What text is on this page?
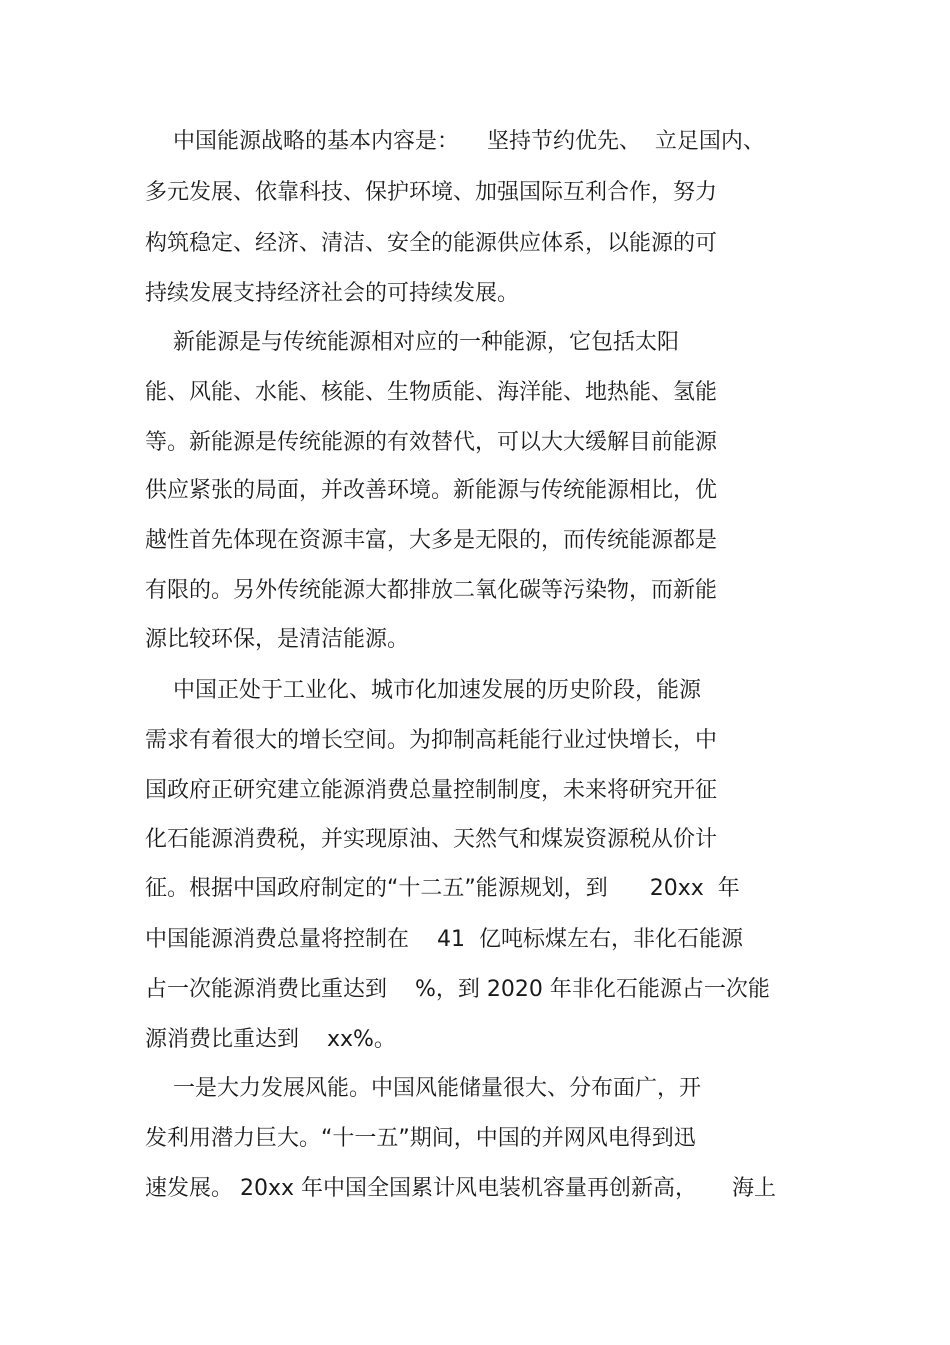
中国能源战略的基本内容是：    坚持节约优先、  立足国内、

多元发展、依靠科技、保护环境、加强国际互利合作，努力

构筑稳定、经济、清洁、安全的能源供应体系，以能源的可

持续发展支持经济社会的可持续发展。

新能源是与传统能源相对应的一种能源，它包括太阳

能、风能、水能、核能、生物质能、海洋能、地热能、氢能

等。新能源是传统能源的有效替代，可以大大缓解目前能源

供应紧张的局面，并改善环境。新能源与传统能源相比，优

越性首先体现在资源丰富，大多是无限的，而传统能源都是

有限的。另外传统能源大都排放二氧化碳等污染物，而新能

源比较环保，是清洁能源。

中国正处于工业化、城市化加速发展的历史阶段，能源

需求有着很大的增长空间。为抑制高耗能行业过快增长，中

国政府正研究建立能源消费总量控制制度，未来将研究开征

化石能源消费税，并实现原油、天然气和煤炭资源税从价计

征。根据中国政府制定的“十二五”能源规划，到      20xx  年

中国能源消费总量将控制在    41  亿吨标煤左右，非化石能源

占一次能源消费比重达到    %，到 2020 年非化石能源占一次能

源消费比重达到    xx%。

一是大力发展风能。中国风能储量很大、分布面广，开

发利用潜力巨大。“十一五”期间，中国的并网风电得到迅

速发展。 20xx 年中国全国累计风电装机容量再创新高，     海上
